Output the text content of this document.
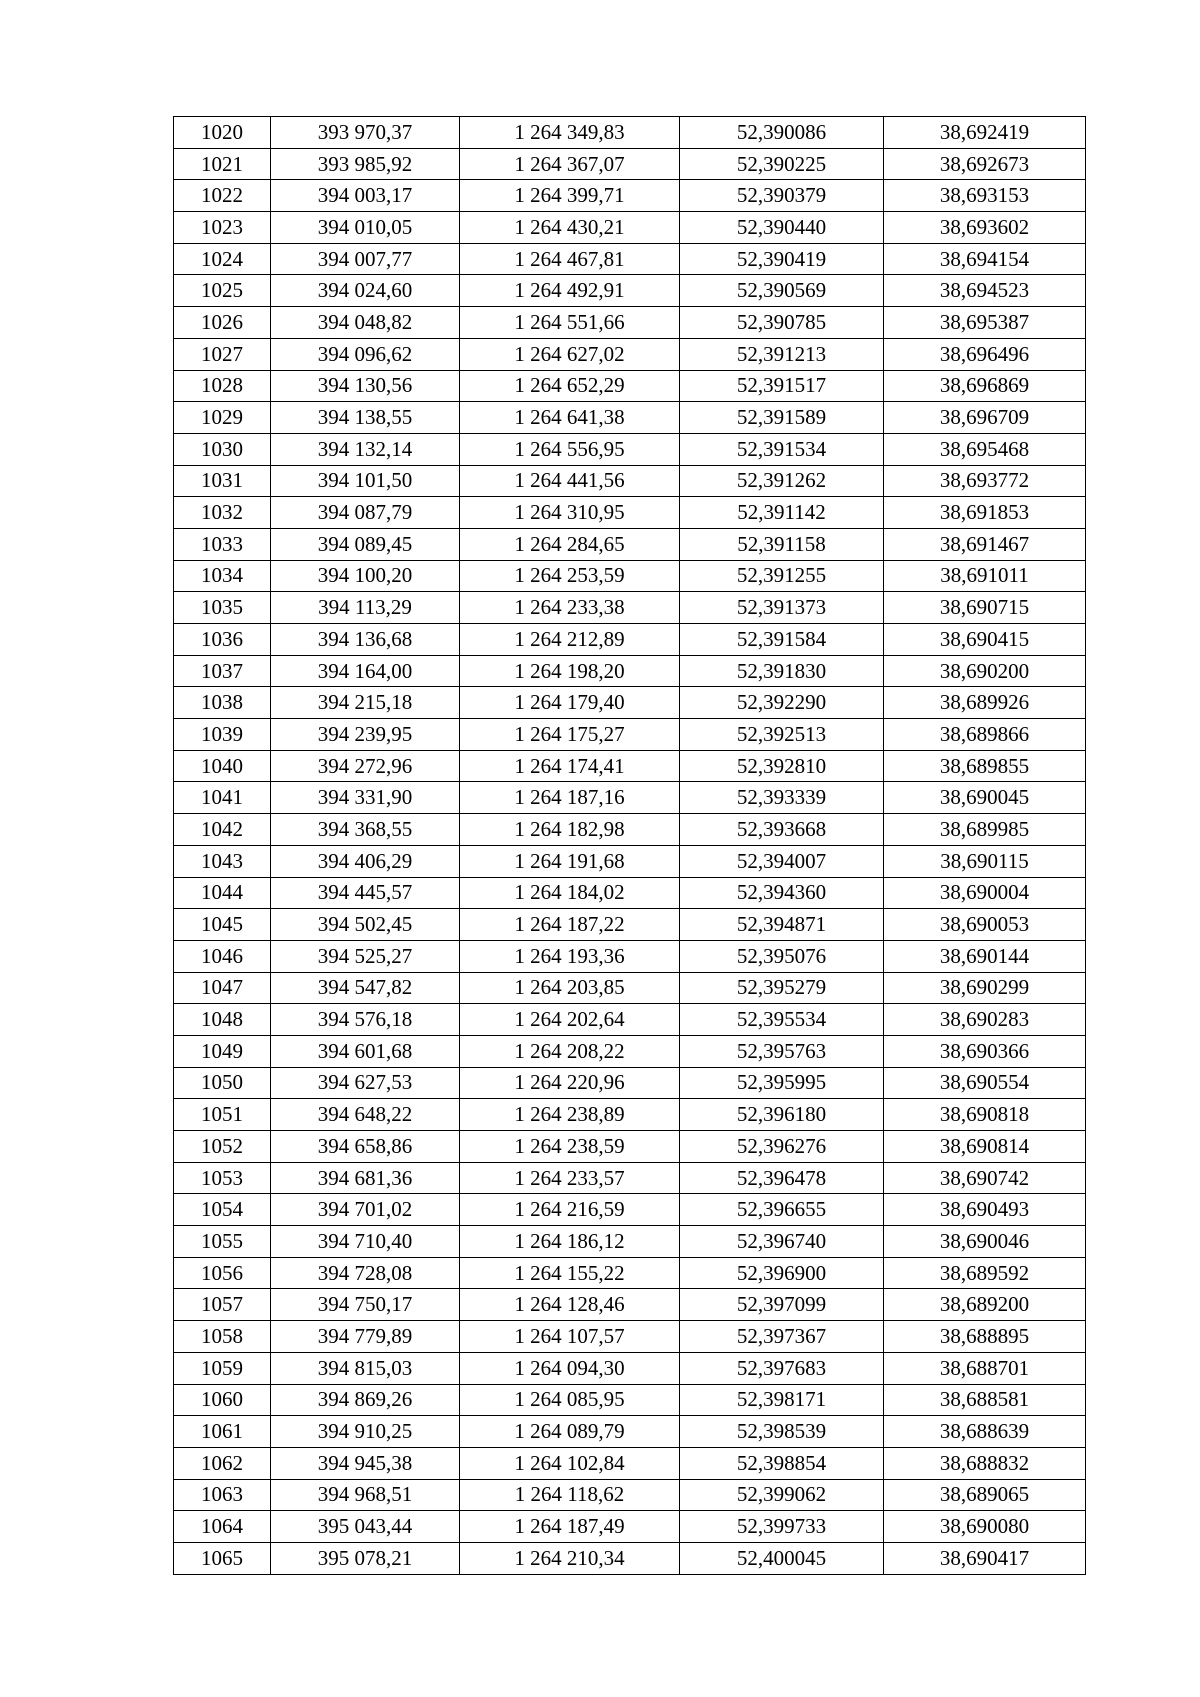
1020	393 970,37	1 264 349,83	52,390086	38,692419
1021	393 985,92	1 264 367,07	52,390225	38,692673
1022	394 003,17	1 264 399,71	52,390379	38,693153
1023	394 010,05	1 264 430,21	52,390440	38,693602
1024	394 007,77	1 264 467,81	52,390419	38,694154
1025	394 024,60	1 264 492,91	52,390569	38,694523
1026	394 048,82	1 264 551,66	52,390785	38,695387
1027	394 096,62	1 264 627,02	52,391213	38,696496
1028	394 130,56	1 264 652,29	52,391517	38,696869
1029	394 138,55	1 264 641,38	52,391589	38,696709
1030	394 132,14	1 264 556,95	52,391534	38,695468
1031	394 101,50	1 264 441,56	52,391262	38,693772
1032	394 087,79	1 264 310,95	52,391142	38,691853
1033	394 089,45	1 264 284,65	52,391158	38,691467
1034	394 100,20	1 264 253,59	52,391255	38,691011
1035	394 113,29	1 264 233,38	52,391373	38,690715
1036	394 136,68	1 264 212,89	52,391584	38,690415
1037	394 164,00	1 264 198,20	52,391830	38,690200
1038	394 215,18	1 264 179,40	52,392290	38,689926
1039	394 239,95	1 264 175,27	52,392513	38,689866
1040	394 272,96	1 264 174,41	52,392810	38,689855
1041	394 331,90	1 264 187,16	52,393339	38,690045
1042	394 368,55	1 264 182,98	52,393668	38,689985
1043	394 406,29	1 264 191,68	52,394007	38,690115
1044	394 445,57	1 264 184,02	52,394360	38,690004
1045	394 502,45	1 264 187,22	52,394871	38,690053
1046	394 525,27	1 264 193,36	52,395076	38,690144
1047	394 547,82	1 264 203,85	52,395279	38,690299
1048	394 576,18	1 264 202,64	52,395534	38,690283
1049	394 601,68	1 264 208,22	52,395763	38,690366
1050	394 627,53	1 264 220,96	52,395995	38,690554
1051	394 648,22	1 264 238,89	52,396180	38,690818
1052	394 658,86	1 264 238,59	52,396276	38,690814
1053	394 681,36	1 264 233,57	52,396478	38,690742
1054	394 701,02	1 264 216,59	52,396655	38,690493
1055	394 710,40	1 264 186,12	52,396740	38,690046
1056	394 728,08	1 264 155,22	52,396900	38,689592
1057	394 750,17	1 264 128,46	52,397099	38,689200
1058	394 779,89	1 264 107,57	52,397367	38,688895
1059	394 815,03	1 264 094,30	52,397683	38,688701
1060	394 869,26	1 264 085,95	52,398171	38,688581
1061	394 910,25	1 264 089,79	52,398539	38,688639
1062	394 945,38	1 264 102,84	52,398854	38,688832
1063	394 968,51	1 264 118,62	52,399062	38,689065
1064	395 043,44	1 264 187,49	52,399733	38,690080
1065	395 078,21	1 264 210,34	52,400045	38,690417
